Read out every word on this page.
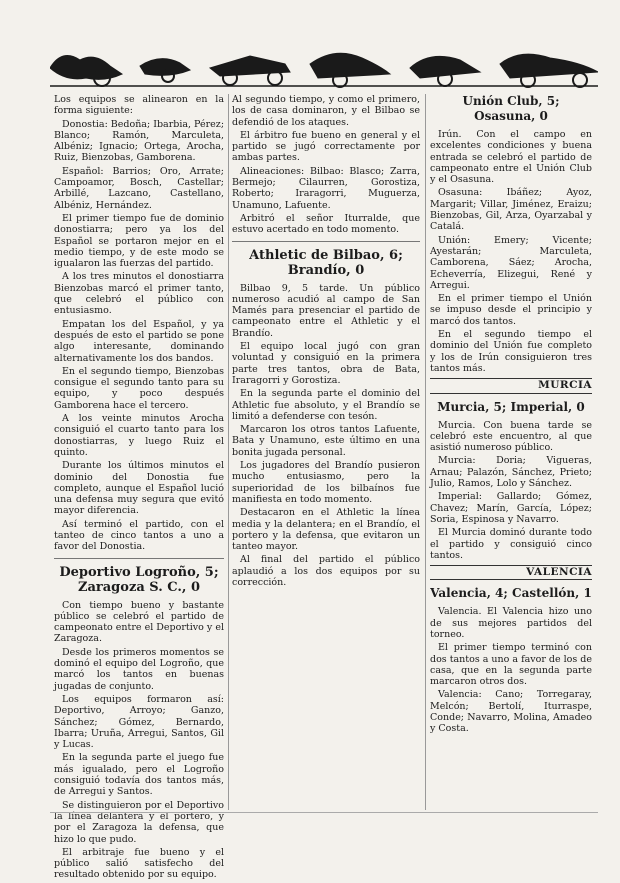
Los equipos se alinearon en la forma siguiente:

Donostia: Bedoña; Ibarbia, Pérez; Blanco; Ramón, Marculeta, Albéniz; Ignacio; Ortega, Arocha, Ruiz, Bienzobas, Gamborena.

Español: Barrios; Oro, Arrate; Campoamor, Bosch, Castellar; Arbillé, Lazcano, Castellano, Albéniz, Hernández.

El primer tiempo fue de dominio donostiarra; pero ya los del Español se portaron mejor en el medio tiempo, y de este modo se igualaron las fuerzas del partido.

A los tres minutos el donostiarra Bienzobas marcó el primer tanto, que celebró el público con entusiasmo.

Empatan los del Español, y ya después de esto el partido se pone algo interesante, dominando alternativamente los dos bandos.

En el segundo tiempo, Bienzobas consigue el segundo tanto para su equipo, y poco después Gamborena hace el tercero.

A los veinte minutos Arocha consiguió el cuarto tanto para los donostiarras, y luego Ruiz el quinto.

Durante los últimos minutos el dominio del Donostia fue completo, aunque el Español lució una defensa muy segura que evitó mayor diferencia.

Así terminó el partido, con el tanteo de cinco tantos a uno a favor del Donostia.

Deportivo Logroño, 5; Zaragoza S. C., 0

Con tiempo bueno y bastante público se celebró el partido de campeonato entre el Deportivo y el Zaragoza.

Desde los primeros momentos se dominó el equipo del Logroño, que marcó los tantos en buenas jugadas de conjunto.

Los equipos formaron así: Deportivo, Arroyo; Ganzo, Sánchez; Gómez, Bernardo, Ibarra; Uruña, Arregui, Santos, Gil y Lucas.

En la segunda parte el juego fue más igualado, pero el Logroño consiguió todavía dos tantos más, de Arregui y Santos.

Se distinguieron por el Deportivo la línea delantera y el portero, y por el Zaragoza la defensa, que hizo lo que pudo.

El arbitraje fue bueno y el público salió satisfecho del resultado obtenido por su equipo.

Al segundo tiempo, y como el primero, los de casa dominaron, y el Bilbao se defendió de los ataques.

El árbitro fue bueno en general y el partido se jugó correctamente por ambas partes.

Alineaciones: Bilbao: Blasco; Zarra, Bermejo; Cilaurren, Gorostiza, Roberto; Iraragorri, Muguerza, Unamuno, Lafuente.

Arbitró el señor Iturralde, que estuvo acertado en todo momento.

Athletic de Bilbao, 6; Brandío, 0

Bilbao 9, 5 tarde. Un público numeroso acudió al campo de San Mamés para presenciar el partido de campeonato entre el Athletic y el Brandío.

El equipo local jugó con gran voluntad y consiguió en la primera parte tres tantos, obra de Bata, Iraragorri y Gorostiza.

En la segunda parte el dominio del Athletic fue absoluto, y el Brandío se limitó a defenderse con tesón.

Marcaron los otros tantos Lafuente, Bata y Unamuno, este último en una bonita jugada personal.

Los jugadores del Brandío pusieron mucho entusiasmo, pero la superioridad de los bilbaínos fue manifiesta en todo momento.

Destacaron en el Athletic la línea media y la delantera; en el Brandío, el portero y la defensa, que evitaron un tanteo mayor.

Al final del partido el público aplaudió a los dos equipos por su corrección.

Unión Club, 5; Osasuna, 0

Irún. Con el campo en excelentes condiciones y buena entrada se celebró el partido de campeonato entre el Unión Club y el Osasuna.

Osasuna: Ibáñez; Ayoz, Margarit; Villar, Jiménez, Eraizu; Bienzobas, Gil, Arza, Oyarzabal y Catalá.

Unión: Emery; Vicente; Ayestarán; Marculeta, Camborena, Sáez; Arocha, Echeverría, Elizegui, René y Arregui.

En el primer tiempo el Unión se impuso desde el principio y marcó dos tantos.

En el segundo tiempo el dominio del Unión fue completo y los de Irún consiguieron tres tantos más.

MURCIA
Murcia, 5; Imperial, 0

Murcia. Con buena tarde se celebró este encuentro, al que asistió numeroso público.

Murcia: Doria; Vigueras, Arnau; Palazón, Sánchez, Prieto; Julio, Ramos, Lolo y Sánchez.

Imperial: Gallardo; Gómez, Chavez; Marín, García, López; Soria, Espinosa y Navarro.

El Murcia dominó durante todo el partido y consiguió cinco tantos.

VALENCIA
Valencia, 4; Castellón, 1

Valencia. El Valencia hizo uno de sus mejores partidos del torneo.

El primer tiempo terminó con dos tantos a uno a favor de los de casa, que en la segunda parte marcaron otros dos.

Valencia: Cano; Torregaray, Melcón; Bertolí, Iturraspe, Conde; Navarro, Molina, Amadeo y Costa.
